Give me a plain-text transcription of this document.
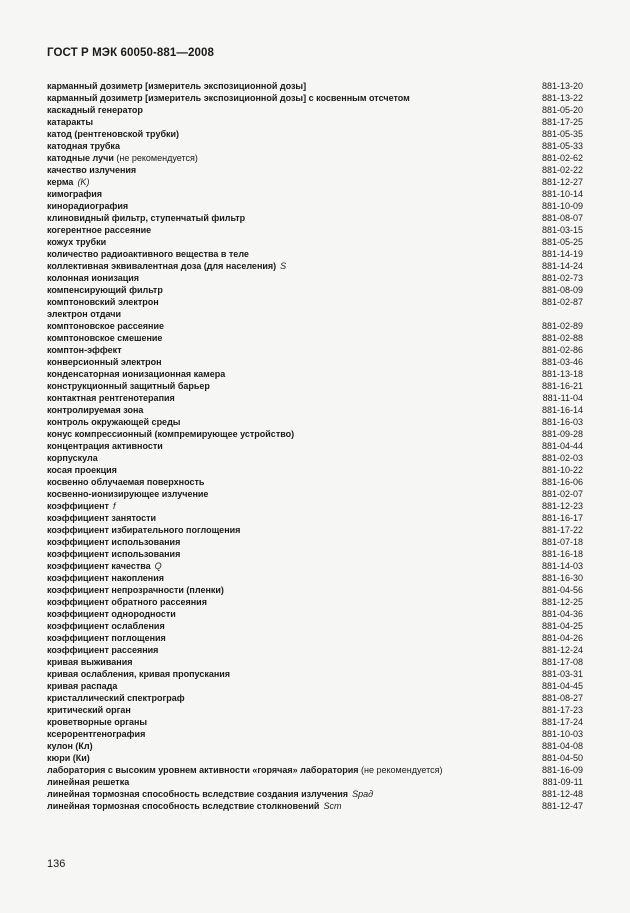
ГОСТ Р МЭК 60050-881—2008
карманный дозиметр [измеритель экспозиционной дозы]	881-13-20
карманный дозиметр [измеритель экспозиционной дозы] с косвенным отсчетом	881-13-22
каскадный генератор	881-05-20
катаракты	881-17-25
катод (рентгеновской трубки)	881-05-35
катодная трубка	881-05-33
катодные лучи (не рекомендуется)	881-02-62
качество излучения	881-02-22
керма (K)	881-12-27
кимография	881-10-14
кинорадиография	881-10-09
клиновидный фильтр, ступенчатый фильтр	881-08-07
когерентное рассеяние	881-03-15
кожух трубки	881-05-25
количество радиоактивного вещества в теле	881-14-19
коллективная эквивалентная доза (для населения) S	881-14-24
колонная ионизация	881-02-73
компенсирующий фильтр	881-08-09
комптоновский электрон	881-02-87
электрон отдачи
комптоновское рассеяние	881-02-89
комптоновское смешение	881-02-88
комптон-эффект	881-02-86
конверсионный электрон	881-03-46
конденсаторная ионизационная камера	881-13-18
конструкционный защитный барьер	881-16-21
контактная рентгенотерапия	881-11-04
контролируемая зона	881-16-14
контроль окружающей среды	881-16-03
конус компрессионный (компремирующее устройство)	881-09-28
концентрация активности	881-04-44
корпускула	881-02-03
косая проекция	881-10-22
косвенно облучаемая поверхность	881-16-06
косвенно-ионизирующее излучение	881-02-07
коэффициент f	881-12-23
коэффициент занятости	881-16-17
коэффициент избирательного поглощения	881-17-22
коэффициент использования	881-07-18
коэффициент использования	881-16-18
коэффициент качества Q	881-14-03
коэффициент накопления	881-16-30
коэффициент непрозрачности (пленки)	881-04-56
коэффициент обратного рассеяния	881-12-25
коэффициент однородности	881-04-36
коэффициент ослабления	881-04-25
коэффициент поглощения	881-04-26
коэффициент рассеяния	881-12-24
кривая выживания	881-17-08
кривая ослабления, кривая пропускания	881-03-31
кривая распада	881-04-45
кристаллический спектрограф	881-08-27
критический орган	881-17-23
кроветворные органы	881-17-24
ксерорентгенография	881-10-03
кулон (Кл)	881-04-08
кюри (Ки)	881-04-50
лаборатория с высоким уровнем активности «горячая» лаборатория (не рекомендуется)	881-16-09
линейная решетка	881-09-11
линейная тормозная способность вследствие создания излучения Sрад	881-12-48
линейная тормозная способность вследствие столкновений Sст	881-12-47
136
